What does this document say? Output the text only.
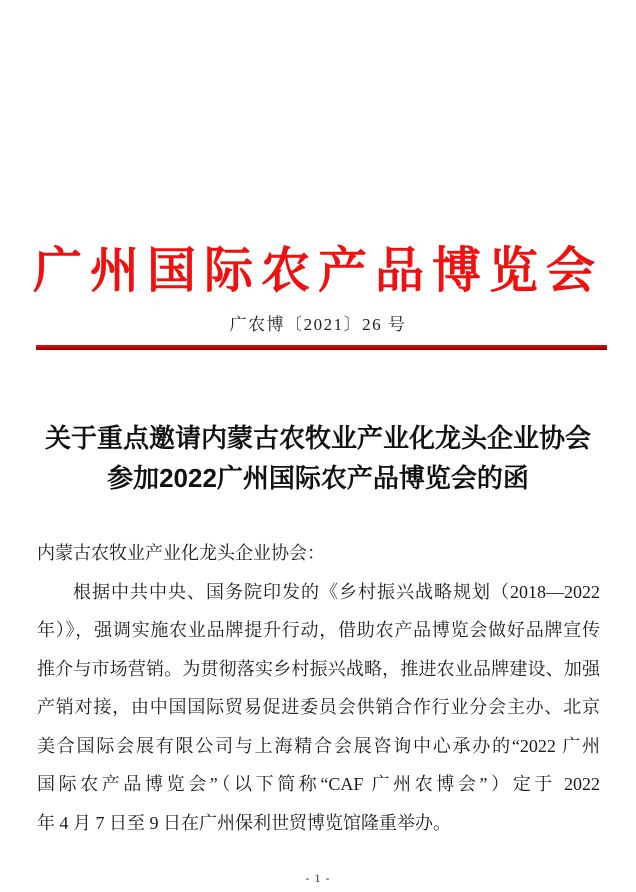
广州国际农产品博览会
广农博〔2021〕26 号
关于重点邀请内蒙古农牧业产业化龙头企业协会
参加2022广州国际农产品博览会的函
内蒙古农牧业产业化龙头企业协会：
根据中共中央、国务院印发的《乡村振兴战略规划（2018—2022
年）》，强调实施农业品牌提升行动，借助农产品博览会做好品牌宣传
推介与市场营销。为贯彻落实乡村振兴战略，推进农业品牌建设、加强
产销对接，由中国国际贸易促进委员会供销合作行业分会主办、北京
美合国际会展有限公司与上海精合会展咨询中心承办的“2022 广州
国际农产品博览会”（以下简称“CAF 广州农博会”）定于 2022
年 4 月 7 日至 9 日在广州保利世贸博览馆隆重举办。
- 1 -
